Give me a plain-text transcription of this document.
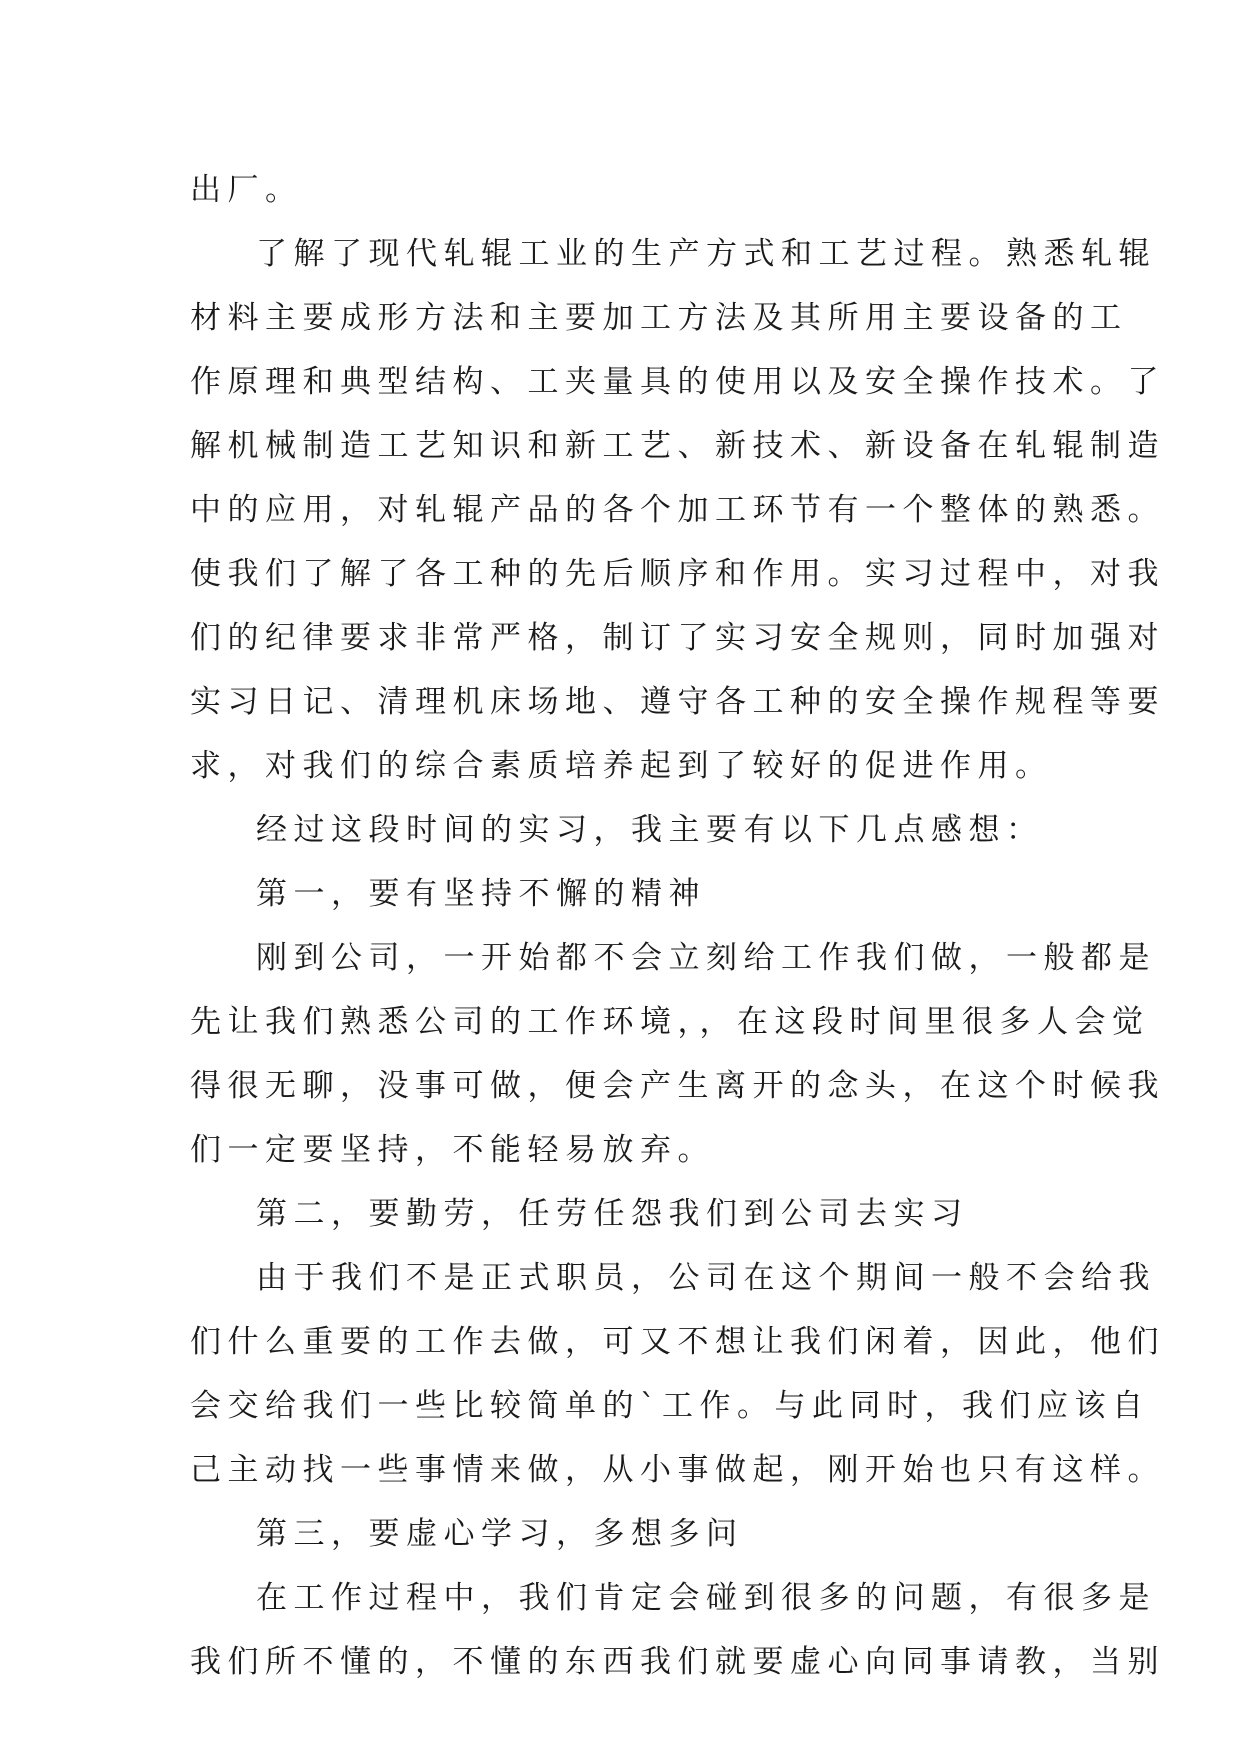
出厂。
了解了现代轧辊工业的生产方式和工艺过程。熟悉轧辊
材料主要成形方法和主要加工方法及其所用主要设备的工
作原理和典型结构、工夹量具的使用以及安全操作技术。了
解机械制造工艺知识和新工艺、新技术、新设备在轧辊制造
中的应用，对轧辊产品的各个加工环节有一个整体的熟悉。
使我们了解了各工种的先后顺序和作用。实习过程中，对我
们的纪律要求非常严格，制订了实习安全规则，同时加强对
实习日记、清理机床场地、遵守各工种的安全操作规程等要
求，对我们的综合素质培养起到了较好的促进作用。
经过这段时间的实习，我主要有以下几点感想：
第一，要有坚持不懈的精神
刚到公司，一开始都不会立刻给工作我们做，一般都是
先让我们熟悉公司的工作环境，，在这段时间里很多人会觉
得很无聊，没事可做，便会产生离开的念头，在这个时候我
们一定要坚持，不能轻易放弃。
第二，要勤劳，任劳任怨我们到公司去实习
由于我们不是正式职员，公司在这个期间一般不会给我
们什么重要的工作去做，可又不想让我们闲着，因此，他们
会交给我们一些比较简单的`工作。与此同时，我们应该自
己主动找一些事情来做，从小事做起，刚开始也只有这样。
第三，要虚心学习，多想多问
在工作过程中，我们肯定会碰到很多的问题，有很多是
我们所不懂的，不懂的东西我们就要虚心向同事请教，当别
